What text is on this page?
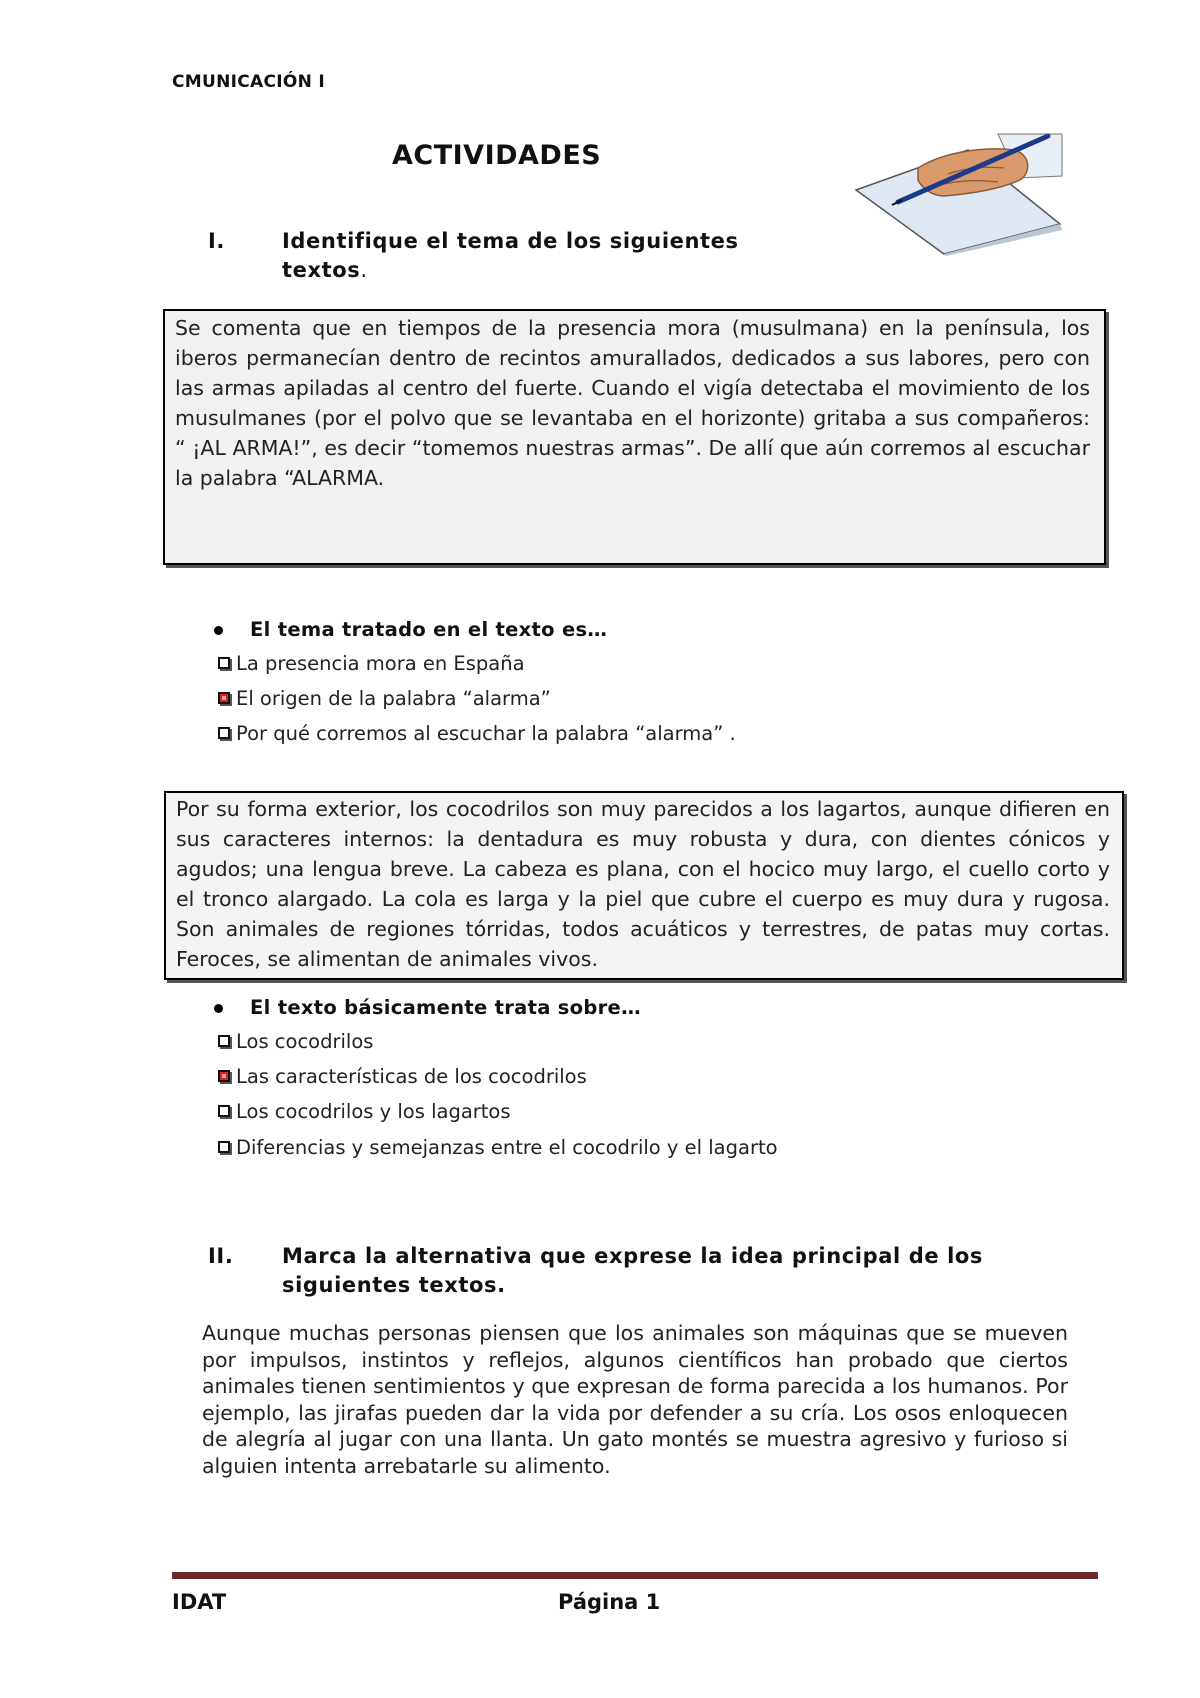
CMUNICACIÓN I
ACTIVIDADES
I.	Identifique el tema de los siguientes
textos.
Se comenta que en tiempos de la presencia mora (musulmana) en la península, los iberos permanecían dentro de recintos amurallados, dedicados a sus labores, pero con las armas apiladas al centro del fuerte. Cuando el vigía detectaba el movimiento de los musulmanes (por el polvo que se levantaba en el horizonte) gritaba a sus compañeros: “ ¡AL ARMA!”, es decir “tomemos nuestras armas”. De allí que aún corremos al escuchar la palabra “ALARMA.
El tema tratado en el texto es…
La presencia mora en España
El origen de la palabra “alarma”
Por qué corremos al escuchar la palabra “alarma” .
Por su forma exterior, los cocodrilos son muy parecidos a los lagartos, aunque difieren en sus caracteres internos: la dentadura es muy robusta y dura, con dientes cónicos y agudos; una lengua breve. La cabeza es plana, con el hocico muy largo, el cuello corto y el tronco alargado. La cola es larga y la piel que cubre el cuerpo es muy dura y rugosa. Son animales de regiones tórridas, todos acuáticos y terrestres, de patas muy cortas. Feroces, se alimentan de animales vivos.
El texto básicamente trata sobre…
Los cocodrilos
Las características de los cocodrilos
Los cocodrilos y los lagartos
Diferencias y semejanzas entre el cocodrilo y el lagarto
II. Marca la alternativa que exprese la idea principal de los
siguientes textos.
Aunque muchas personas piensen que los animales son máquinas que se mueven por impulsos, instintos y reflejos, algunos científicos han probado que ciertos animales tienen sentimientos y que expresan de forma parecida a los humanos. Por ejemplo, las jirafas pueden dar la vida por defender a su cría. Los osos enloquecen de alegría al jugar con una llanta. Un gato montés se muestra agresivo y furioso si alguien intenta arrebatarle su alimento.
IDAT	Página 1
